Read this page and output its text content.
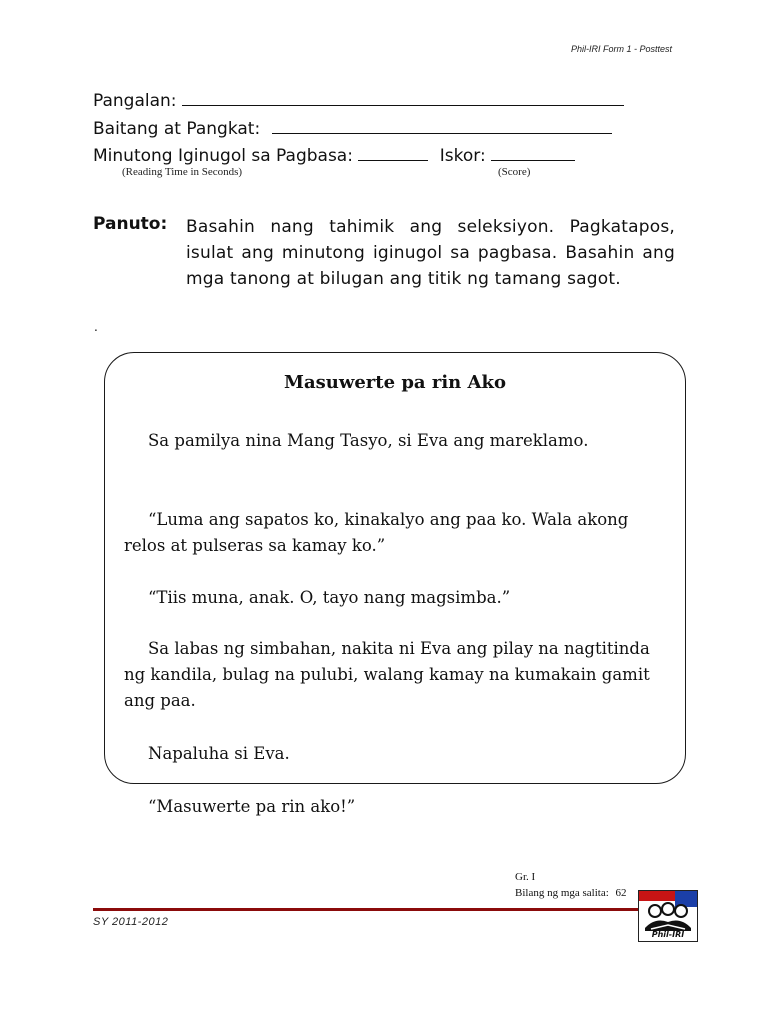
Phil-IRI Form 1 - Posttest
Pangalan:
Baitang at Pangkat:
Minutong Iginugol sa Pagbasa:	Iskor:
(Reading Time in Seconds)	(Score)
Panuto: Basahin nang tahimik ang seleksiyon. Pagkatapos, isulat ang minutong iginugol sa pagbasa. Basahin ang mga tanong at bilugan ang titik ng tamang sagot.
.
Masuwerte pa rin Ako
Sa pamilya nina Mang Tasyo, si Eva ang mareklamo.
“Luma ang sapatos ko, kinakalyo ang paa ko. Wala akong relos at pulseras sa kamay ko.”
“Tiis muna, anak. O, tayo nang magsimba.”
Sa labas ng simbahan, nakita ni Eva ang pilay na nagtitinda ng kandila, bulag na pulubi, walang kamay na kumakain gamit ang paa.
Napaluha si Eva.
“Masuwerte pa rin ako!”
Gr. I
Bilang ng mga salita: 62
SY 2011-2012
Phil-IRI
